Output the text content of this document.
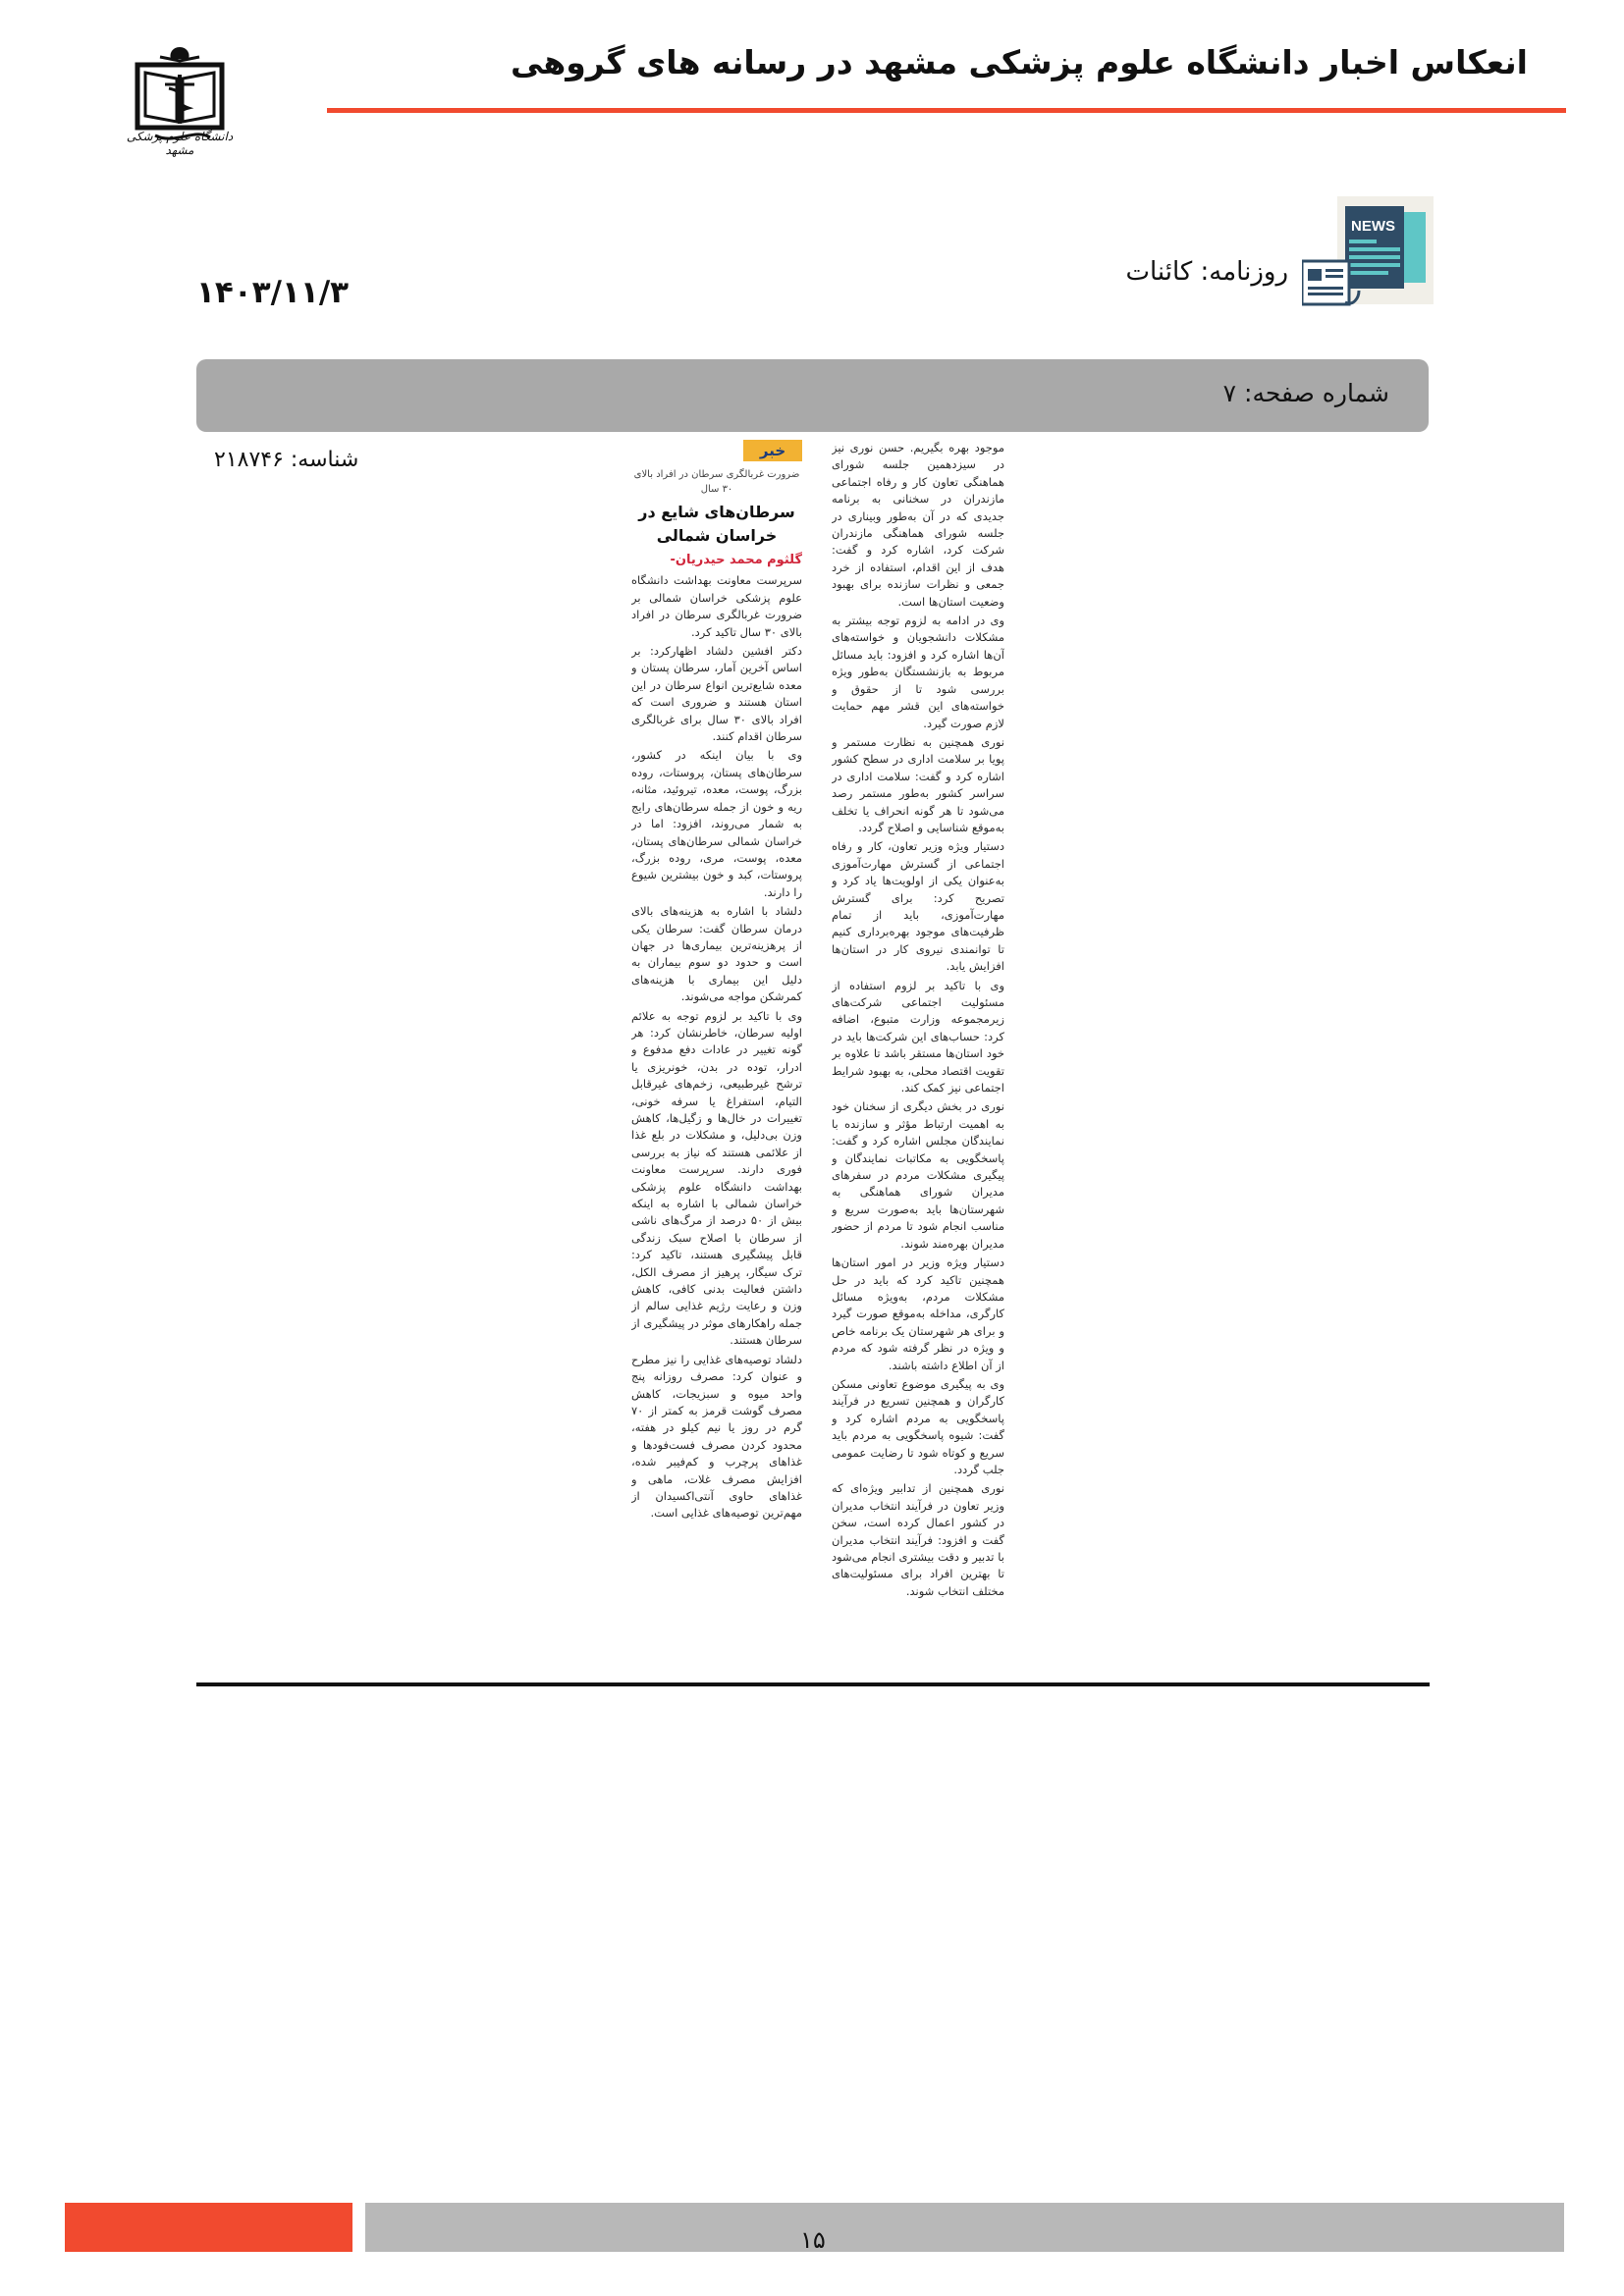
دانشگاه علوم پزشکی مشهد
انعکاس اخبار دانشگاه علوم پزشکی مشهد در رسانه های گروهی
NEWS
روزنامه: کائنات
۱۴۰۳/۱۱/۳
شماره صفحه: ۷
شناسه: ۲۱۸۷۴۶	خبر
ضرورت غربالگری سرطان در افراد بالای ۳۰ سال
سرطان‌های شایع در خراسان شمالی
گلثوم محمد حیدریان-

سرپرست معاونت بهداشت دانشگاه علوم پزشکی خراسان شمالی بر ضرورت غربالگری سرطان در افراد بالای ۳۰ سال تاکید کرد.

دکتر افشین دلشاد اظهارکرد: بر اساس آخرین آمار، سرطان پستان و معده شایع‌ترین انواع سرطان در این استان هستند و ضروری است که افراد بالای ۳۰ سال برای غربالگری سرطان اقدام کنند.

وی با بیان اینکه در کشور، سرطان‌های پستان، پروستات، روده بزرگ، پوست، معده، تیروئید، مثانه، ریه و خون از جمله سرطان‌های رایج به شمار می‌روند، افزود: اما در خراسان شمالی سرطان‌های پستان، معده، پوست، مری، روده بزرگ، پروستات، کبد و خون بیشترین شیوع را دارند.

دلشاد با اشاره به هزینه‌های بالای درمان سرطان گفت: سرطان یکی از پرهزینه‌ترین بیماری‌ها در جهان است و حدود دو سوم بیماران به دلیل این بیماری با هزینه‌های کمرشکن مواجه می‌شوند.

وی با تاکید بر لزوم توجه به علائم اولیه سرطان، خاطرنشان کرد: هر گونه تغییر در عادات دفع مدفوع و ادرار، توده در بدن، خونریزی یا ترشح غیرطبیعی، زخم‌های غیرقابل التیام، استفراغ یا سرفه خونی، تغییرات در خال‌ها و زگیل‌ها، کاهش وزن بی‌دلیل، و مشکلات در بلع غذا از علائمی هستند که نیاز به بررسی فوری دارند. سرپرست معاونت بهداشت دانشگاه علوم پزشکی خراسان شمالی با اشاره به اینکه بیش از ۵۰ درصد از مرگ‌های ناشی از سرطان با اصلاح سبک زندگی قابل پیشگیری هستند، تاکید کرد: ترک سیگار، پرهیز از مصرف الکل، داشتن فعالیت بدنی کافی، کاهش وزن و رعایت رژیم غذایی سالم از جمله راهکارهای موثر در پیشگیری از سرطان هستند.

دلشاد توصیه‌های غذایی را نیز مطرح و عنوان کرد: مصرف روزانه پنج واحد میوه و سبزیجات، کاهش مصرف گوشت قرمز به کمتر از ۷۰ گرم در روز یا نیم کیلو در هفته، محدود کردن مصرف فست‌فودها و غذاهای پرچرب و کم‌فیبر شده، افزایش مصرف غلات، ماهی و غذاهای حاوی آنتی‌اکسیدان از مهم‌ترین توصیه‌های غذایی است.

موجود بهره بگیریم. حسن نوری نیز در سیزدهمین جلسه شورای هماهنگی تعاون کار و رفاه اجتماعی مازندران در سخنانی به برنامه جدیدی که در آن به‌طور وبیناری در جلسه شورای هماهنگی مازندران شرکت کرد، اشاره کرد و گفت: هدف از این اقدام، استفاده از خرد جمعی و نظرات سازنده برای بهبود وضعیت استان‌ها است.

وی در ادامه به لزوم توجه بیشتر به مشکلات دانشجویان و خواسته‌های آن‌ها اشاره کرد و افزود: باید مسائل مربوط به بازنشستگان به‌طور ویژه بررسی شود تا از حقوق و خواسته‌های این قشر مهم حمایت لازم صورت گیرد.

نوری همچنین به نظارت مستمر و پویا بر سلامت اداری در سطح کشور اشاره کرد و گفت: سلامت اداری در سراسر کشور به‌طور مستمر رصد می‌شود تا هر گونه انحراف یا تخلف به‌موقع شناسایی و اصلاح گردد.

دستیار ویژه وزیر تعاون، کار و رفاه اجتماعی از گسترش مهارت‌آموزی به‌عنوان یکی از اولویت‌ها یاد کرد و تصریح کرد: برای گسترش مهارت‌آموزی، باید از تمام ظرفیت‌های موجود بهره‌برداری کنیم تا توانمندی نیروی کار در استان‌ها افزایش یابد.

وی با تاکید بر لزوم استفاده از مسئولیت اجتماعی شرکت‌های زیرمجموعه وزارت متبوع، اضافه کرد: حساب‌های این شرکت‌ها باید در خود استان‌ها مستقر باشد تا علاوه بر تقویت اقتصاد محلی، به بهبود شرایط اجتماعی نیز کمک کند.

نوری در بخش دیگری از سخنان خود به اهمیت ارتباط مؤثر و سازنده با نمایندگان مجلس اشاره کرد و گفت: پاسخگویی به مکاتبات نمایندگان و پیگیری مشکلات مردم در سفرهای مدیران شورای هماهنگی به شهرستان‌ها باید به‌صورت سریع و مناسب انجام شود تا مردم از حضور مدیران بهره‌مند شوند.

دستیار ویژه وزیر در امور استان‌ها همچنین تاکید کرد که باید در حل مشکلات مردم، به‌ویژه مسائل کارگری، مداخله به‌موقع صورت گیرد و برای هر شهرستان یک برنامه خاص و ویژه در نظر گرفته شود که مردم از آن اطلاع داشته باشند.

وی به پیگیری موضوع تعاونی مسکن کارگران و همچنین تسریع در فرآیند پاسخگویی به مردم اشاره کرد و گفت: شیوه پاسخگویی به مردم باید سریع و کوتاه شود تا رضایت عمومی جلب گردد.

نوری همچنین از تدابیر ویژه‌ای که وزیر تعاون در فرآیند انتخاب مدیران در کشور اعمال کرده است، سخن گفت و افزود: فرآیند انتخاب مدیران با تدبیر و دقت بیشتری انجام می‌شود تا بهترین افراد برای مسئولیت‌های مختلف انتخاب شوند.

۱۵
